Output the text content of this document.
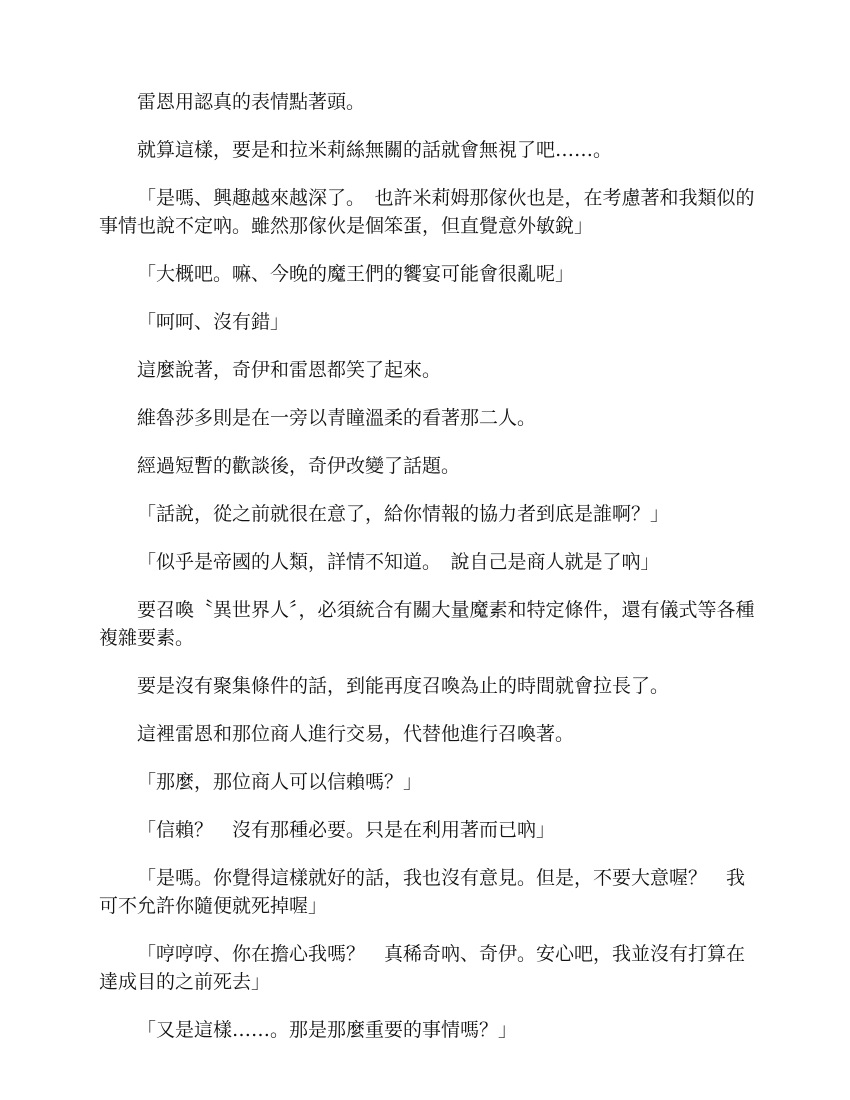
雷恩用認真的表情點著頭。

就算這樣，要是和拉米莉絲無關的話就會無視了吧……。

「是嗎、興趣越來越深了。　也許米莉姆那傢伙也是，在考慮著和我類似的事情也說不定吶。雖然那傢伙是個笨蛋，但直覺意外敏銳」

「大概吧。嘛、今晚的魔王們的饗宴可能會很亂呢」

「呵呵、沒有錯」

這麼說著，奇伊和雷恩都笑了起來。

維魯莎多則是在一旁以青瞳溫柔的看著那二人。

經過短暫的歡談後，奇伊改變了話題。

「話說，從之前就很在意了，給你情報的協力者到底是誰啊？」

「似乎是帝國的人類，詳情不知道。　說自己是商人就是了吶」

要召喚〝異世界人〞，必須統合有關大量魔素和特定條件，還有儀式等各種複雜要素。

要是沒有聚集條件的話，到能再度召喚為止的時間就會拉長了。

這裡雷恩和那位商人進行交易，代替他進行召喚著。

「那麼，那位商人可以信賴嗎？」

「信賴？　沒有那種必要。只是在利用著而已吶」

「是嗎。你覺得這樣就好的話，我也沒有意見。但是，不要大意喔？　我可不允許你隨便就死掉喔」

「哼哼哼、你在擔心我嗎？　真稀奇吶、奇伊。安心吧，我並沒有打算在達成目的之前死去」

「又是這樣……。那是那麼重要的事情嗎？」
